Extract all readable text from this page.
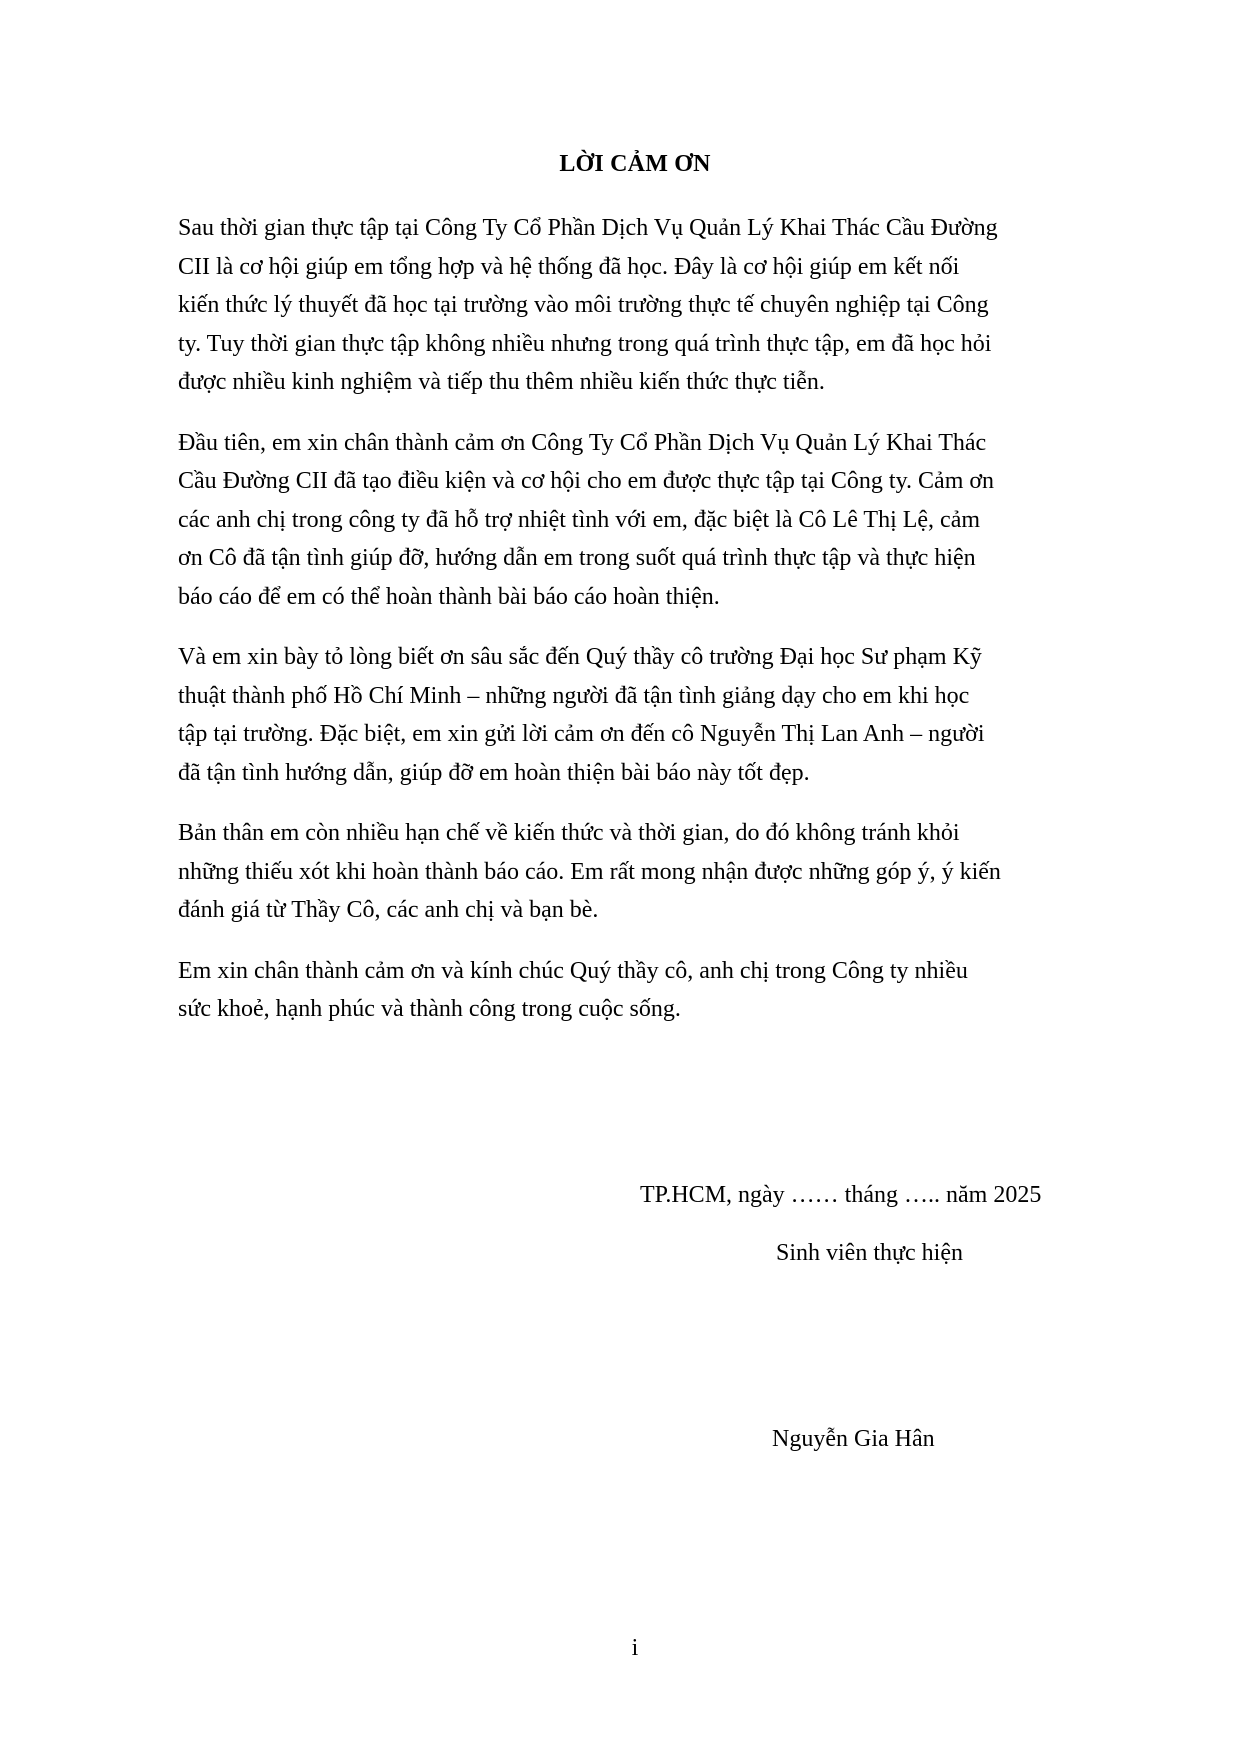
LỜI CẢM ƠN

Sau thời gian thực tập tại Công Ty Cổ Phần Dịch Vụ Quản Lý Khai Thác Cầu Đường
CII là cơ hội giúp em tổng hợp và hệ thống đã học. Đây là cơ hội giúp em kết nối
kiến thức lý thuyết đã học tại trường vào môi trường thực tế chuyên nghiệp tại Công
ty. Tuy thời gian thực tập không nhiều nhưng trong quá trình thực tập, em đã học hỏi
được nhiều kinh nghiệm và tiếp thu thêm nhiều kiến thức thực tiễn.

Đầu tiên, em xin chân thành cảm ơn Công Ty Cổ Phần Dịch Vụ Quản Lý Khai Thác
Cầu Đường CII đã tạo điều kiện và cơ hội cho em được thực tập tại Công ty. Cảm ơn
các anh chị trong công ty đã hỗ trợ nhiệt tình với em, đặc biệt là Cô Lê Thị Lệ, cảm
ơn Cô đã tận tình giúp đỡ, hướng dẫn em trong suốt quá trình thực tập và thực hiện
báo cáo để em có thể hoàn thành bài báo cáo hoàn thiện.

Và em xin bày tỏ lòng biết ơn sâu sắc đến Quý thầy cô trường Đại học Sư phạm Kỹ
thuật thành phố Hồ Chí Minh – những người đã tận tình giảng dạy cho em khi học
tập tại trường. Đặc biệt, em xin gửi lời cảm ơn đến cô Nguyễn Thị Lan Anh – người
đã tận tình hướng dẫn, giúp đỡ em hoàn thiện bài báo này tốt đẹp.

Bản thân em còn nhiều hạn chế về kiến thức và thời gian, do đó không tránh khỏi
những thiếu xót khi hoàn thành báo cáo. Em rất mong nhận được những góp ý, ý kiến
đánh giá từ Thầy Cô, các anh chị và bạn bè.

Em xin chân thành cảm ơn và kính chúc Quý thầy cô, anh chị trong Công ty nhiều
sức khoẻ, hạnh phúc và thành công trong cuộc sống.

TP.HCM, ngày …… tháng ….. năm 2025
Sinh viên thực hiện
Nguyễn Gia Hân
i
